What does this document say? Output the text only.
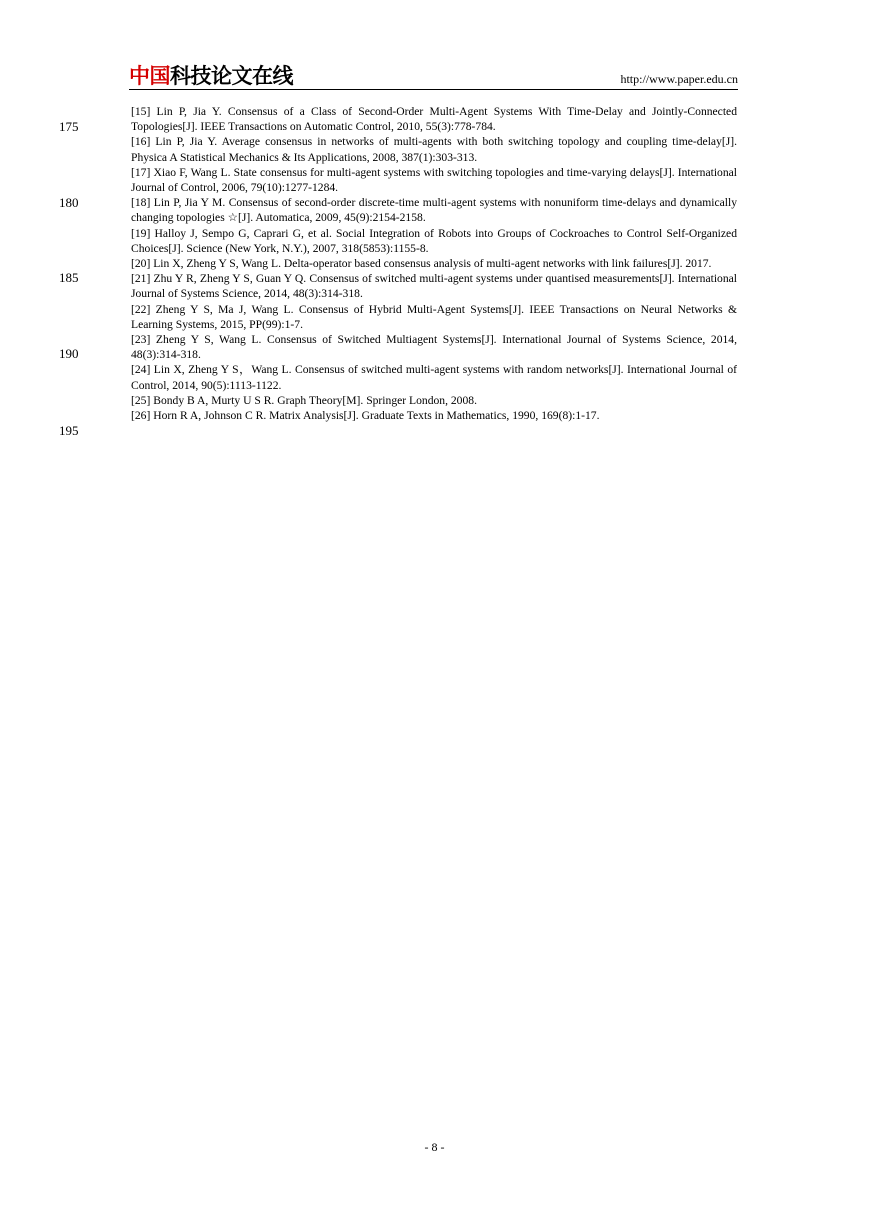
中国科技论文在线	http://www.paper.edu.cn
175
180
185
190
195

[15] Lin P, Jia Y. Consensus of a Class of Second-Order Multi-Agent Systems With Time-Delay and Jointly-Connected Topologies[J]. IEEE Transactions on Automatic Control, 2010, 55(3):778-784.

[16] Lin P, Jia Y. Average consensus in networks of multi-agents with both switching topology and coupling time-delay[J]. Physica A Statistical Mechanics & Its Applications, 2008, 387(1):303-313.

[17] Xiao F, Wang L. State consensus for multi-agent systems with switching topologies and time-varying delays[J]. International Journal of Control, 2006, 79(10):1277-1284.

[18] Lin P, Jia Y M. Consensus of second-order discrete-time multi-agent systems with nonuniform time-delays and dynamically changing topologies ☆[J]. Automatica, 2009, 45(9):2154-2158.

[19] Halloy J, Sempo G, Caprari G, et al. Social Integration of Robots into Groups of Cockroaches to Control Self-Organized Choices[J]. Science (New York, N.Y.), 2007, 318(5853):1155-8.

[20] Lin X, Zheng Y S, Wang L. Delta-operator based consensus analysis of multi-agent networks with link failures[J]. 2017.

[21] Zhu Y R, Zheng Y S, Guan Y Q. Consensus of switched multi-agent systems under quantised measurements[J]. International Journal of Systems Science, 2014, 48(3):314-318.

[22] Zheng Y S, Ma J, Wang L. Consensus of Hybrid Multi-Agent Systems[J]. IEEE Transactions on Neural Networks & Learning Systems, 2015, PP(99):1-7.

[23] Zheng Y S, Wang L. Consensus of Switched Multiagent Systems[J]. International Journal of Systems Science, 2014, 48(3):314-318.

[24] Lin X, Zheng Y S，Wang L. Consensus of switched multi-agent systems with random networks[J]. International Journal of Control, 2014, 90(5):1113-1122.

[25] Bondy B A, Murty U S R. Graph Theory[M]. Springer London, 2008.

[26] Horn R A, Johnson C R. Matrix Analysis[J]. Graduate Texts in Mathematics, 1990, 169(8):1-17.

- 8 -
